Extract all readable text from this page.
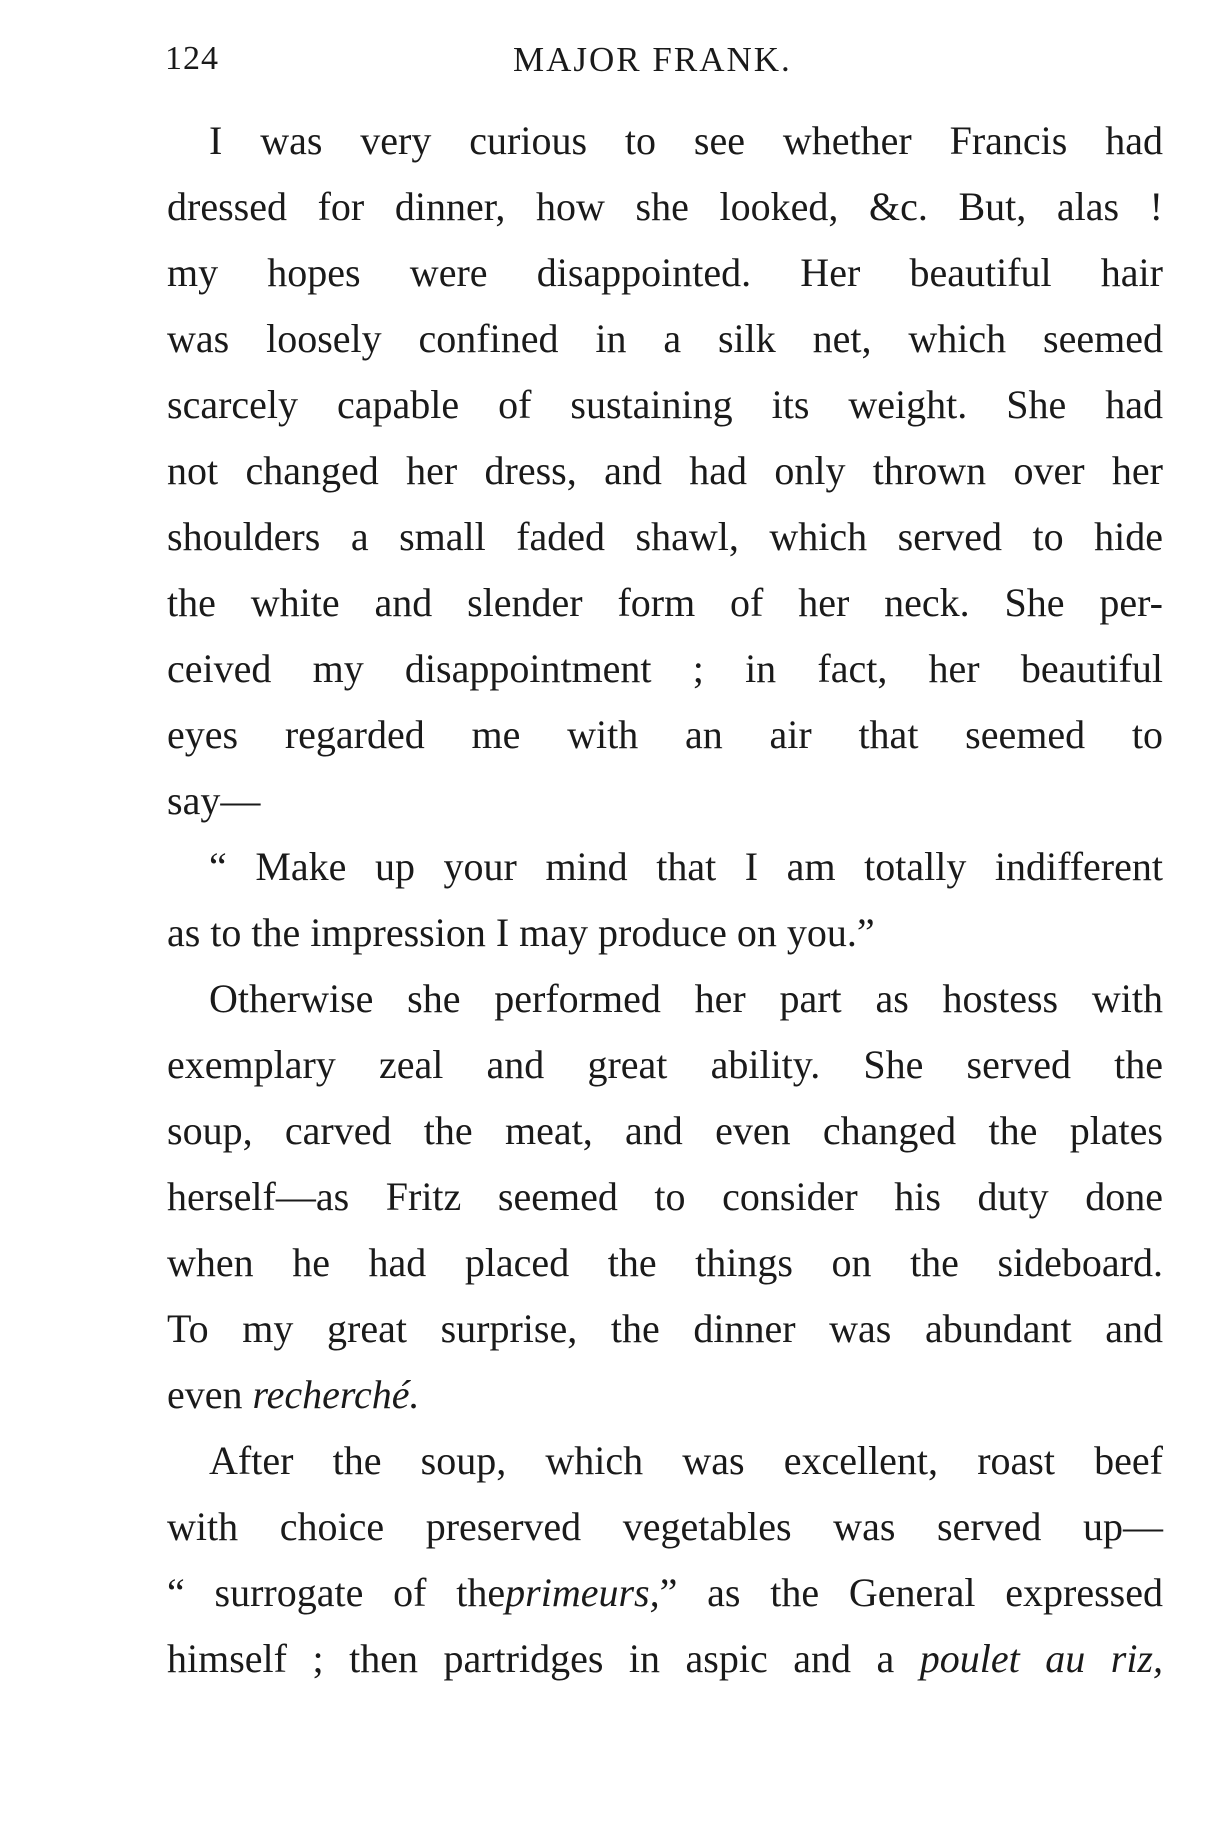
124	MAJOR FRANK.
I was very curious to see whether Francis had
dressed for dinner, how she looked, &c. But, alas !
my hopes were disappointed. Her beautiful hair
was loosely confined in a silk net, which seemed
scarcely capable of sustaining its weight. She had
not changed her dress, and had only thrown over her
shoulders a small faded shawl, which served to hide
the white and slender form of her neck. She per-
ceived my disappointment ; in fact, her beautiful
eyes regarded me with an air that seemed to
say—
“ Make up your mind that I am totally indifferent
as to the impression I may produce on you.”
Otherwise she performed her part as hostess with
exemplary zeal and great ability. She served the
soup, carved the meat, and even changed the plates
herself—as Fritz seemed to consider his duty done
when he had placed the things on the sideboard.
To my great surprise, the dinner was abundant and
even recherché.
After the soup, which was excellent, roast beef
with choice preserved vegetables was served up—
“ surrogate of theprimeurs,” as the General expressed
himself ; then partridges in aspic and a poulet au riz,
